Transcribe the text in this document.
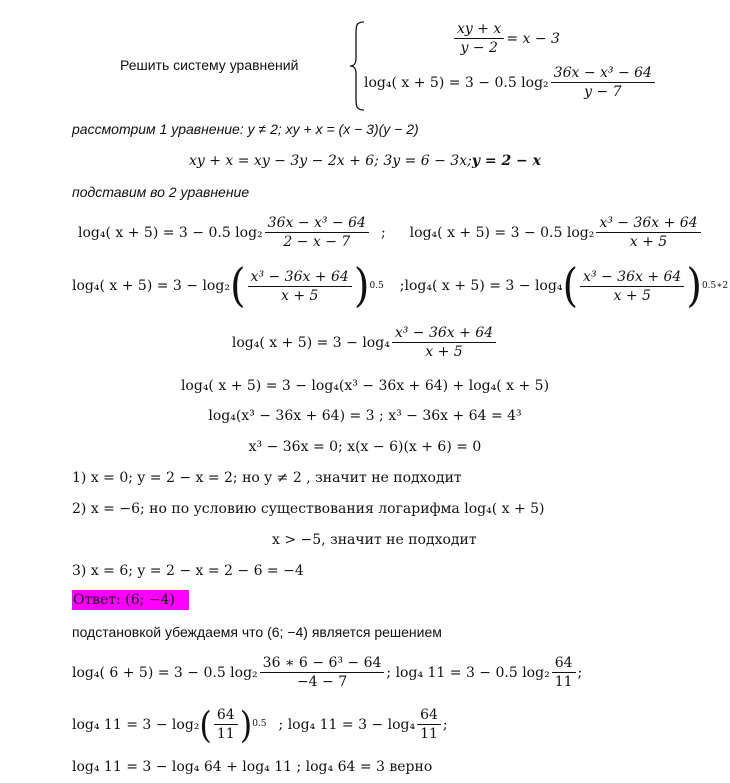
Решить систему уравнений
$\frac{xy + x}{y - 2} = x - 3$
log₄( x + 5) = 3 − 0.5 $\log_2 \frac{\text{36x − x³ − 64}}{y - 7}$
рассмотрим 1 уравнение: y ≠ 2; xy + x = (x − 3)(y − 2)
xy + x = xy − 3y − 2x + 6; 3y = 6 − 3x; y = 2 − x
подставим во 2 уравнение
log₄( x + 5) = 3 − 0.5 $\log_2 \frac{\text{36x − x³ − 64}}{2 - x - 7}$ ; log₄( x + 5) = 3 − 0.5 $\log_2 \frac{\text{x³ − 36x + 64}}{x + 5}$
log₄( x + 5) = 3 − log₂ ( $\frac{\text{x³ − 36x + 64}}{x + 5}$ ) 0.5 ;log₄( x + 5) = 3 − log₄ ( $\frac{\text{x³ − 36x + 64}}{x + 5}$ ) 0.5∗2
log₄( $x + 5) = 3 - \log_4 \frac{\text{x³ − 36x + 64}}{x + 5}$
log₄( x + 5) = 3 − log₄(x³ − 36x + 64) + log₄( x + 5)
log₄(x³ − 36x + 64) = 3 ; x³ − 36x + 64 = 4³
x³ − 36x = 0; x(x − 6)(x + 6) = 0
1) x = 0; y = 2 − x = 2; но y ≠ 2 , значит не подходит
2) x = −6; но по условию существования логарифма log₄( x + 5)
x > −5, значит не подходит
3) x = 6; y = 2 − x = 2 − 6 = −4
Ответ: (6; −4)
подстановкой убеждаемя что (6; −4) является решением
log₄( 6 + 5) = 3 − 0.5 $\log_2 \frac{\text{36 ∗ 6 − 6³ − 64}}{-4 - 7}$ ; log₄ 11 = 3 − 0.5 $\log_2 \frac{64}{11}$ ;
log₄ 11 = 3 − log₂ ( $\frac{64}{11}$ ) 0.5 ; log₄ $11 = 3 - \log_4 \frac{64}{11}$ ;
log₄ 11 = 3 − log₄ 64 + log₄ 11 ; log₄ 64 = 3 верно
